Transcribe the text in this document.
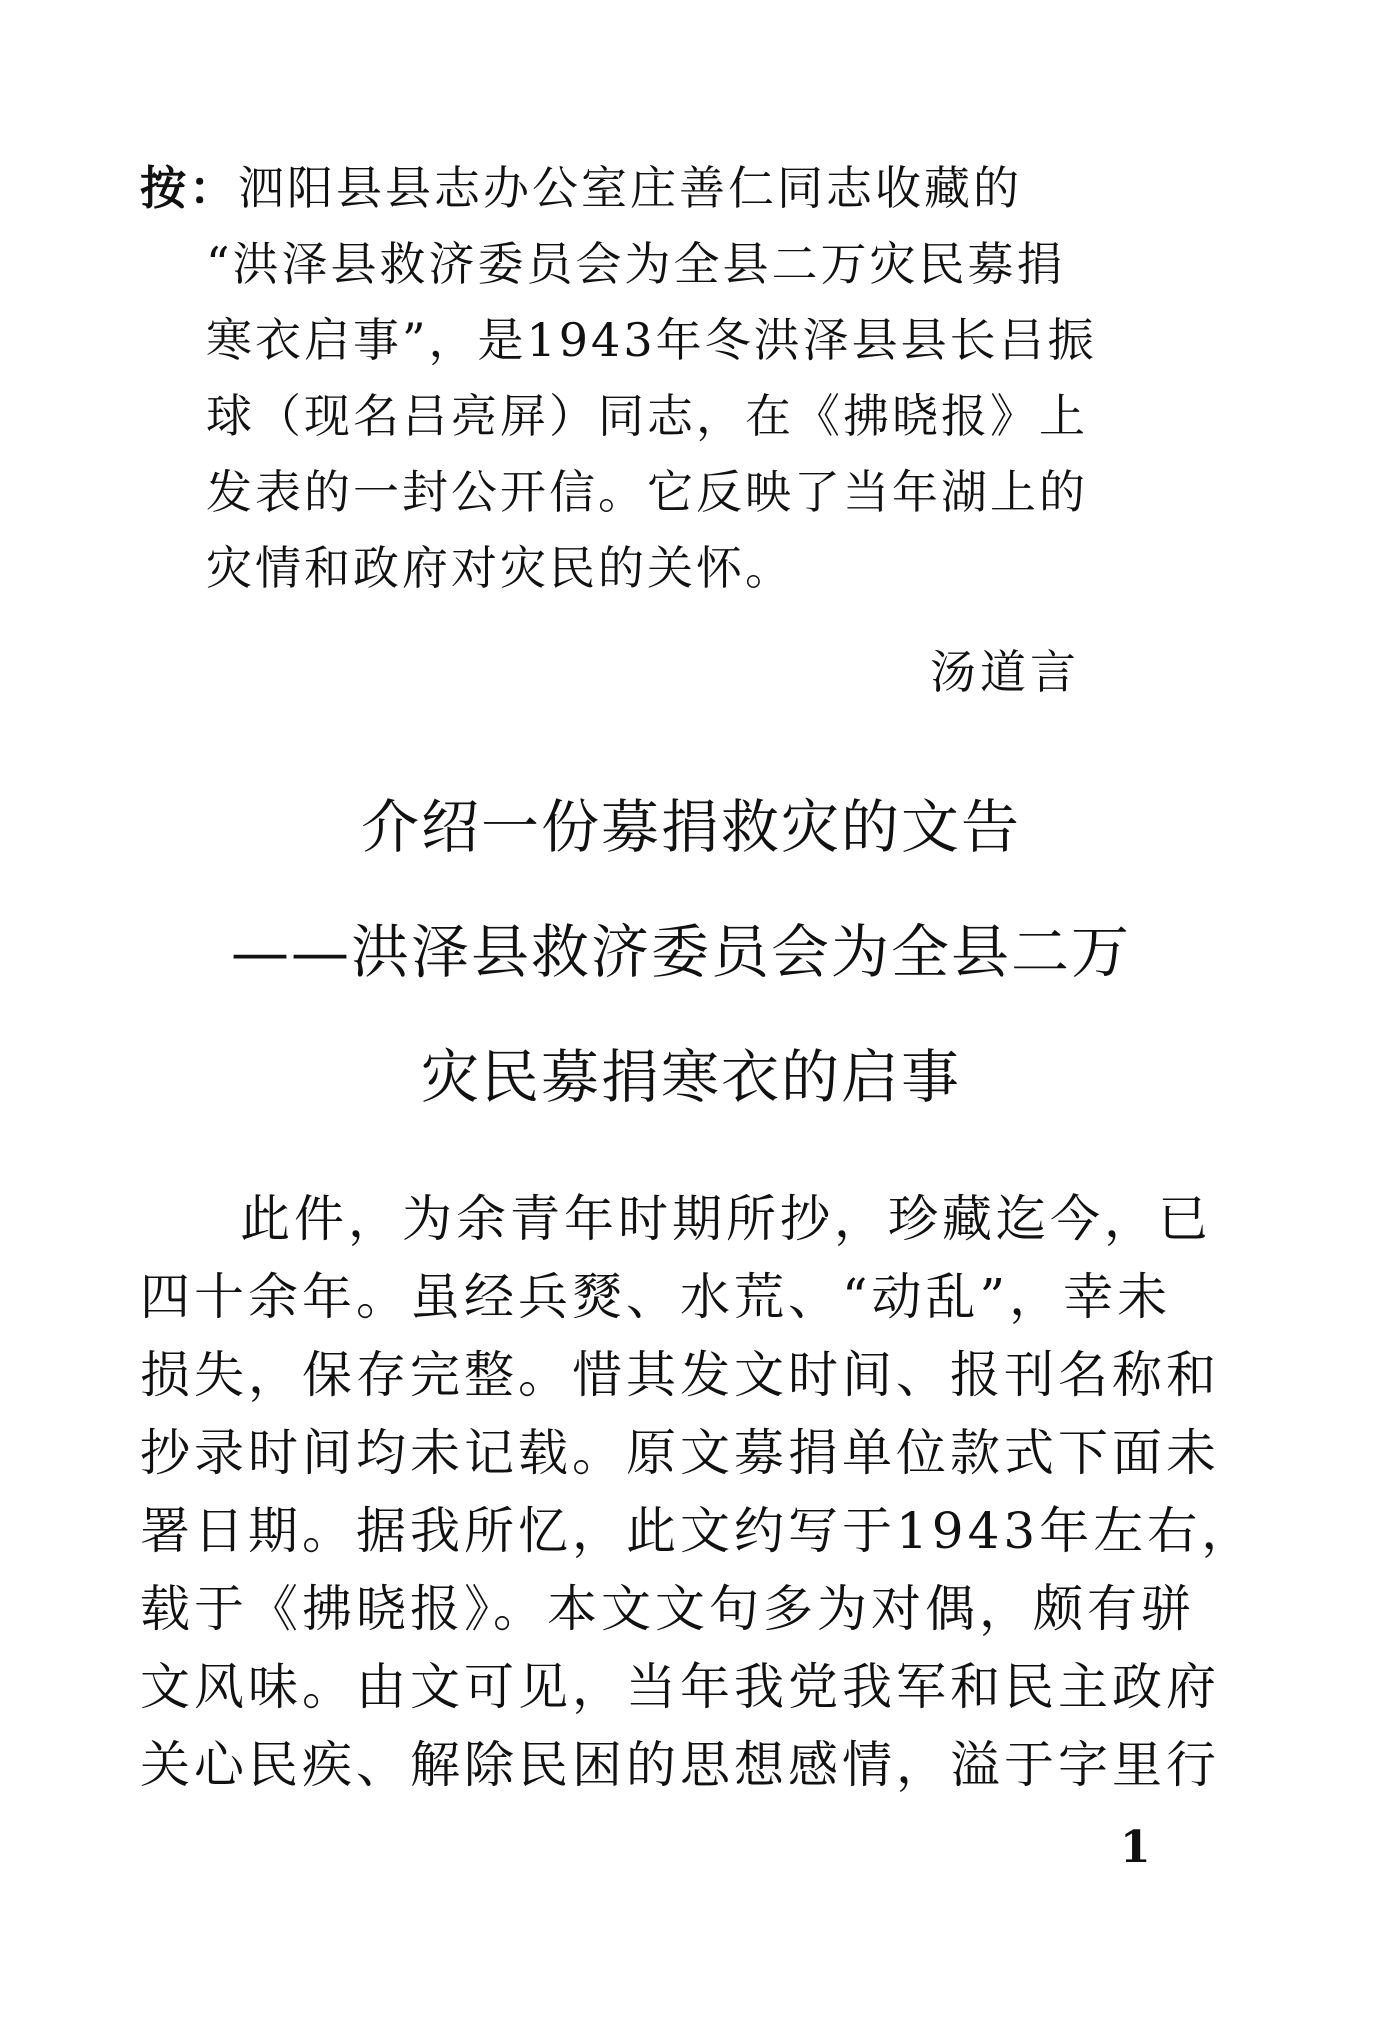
按：泗阳县县志办公室庄善仁同志收藏的
“洪泽县救济委员会为全县二万灾民募捐
寒衣启事”，是1943年冬洪泽县县长吕振
球（现名吕亮屏）同志，在《拂晓报》上
发表的一封公开信。它反映了当年湖上的
灾情和政府对灾民的关怀。
汤道言
介绍一份募捐救灾的文告
——洪泽县救济委员会为全县二万
灾民募捐寒衣的启事
此件，为余青年时期所抄，珍藏迄今，已
四十余年。虽经兵燹、水荒、“动乱”，幸未
损失，保存完整。惜其发文时间、报刊名称和
抄录时间均未记载。原文募捐单位款式下面未
署日期。据我所忆，此文约写于1943年左右，
载于《拂晓报》。本文文句多为对偶，颇有骈
文风味。由文可见，当年我党我军和民主政府
关心民疾、解除民困的思想感情，溢于字里行
1
